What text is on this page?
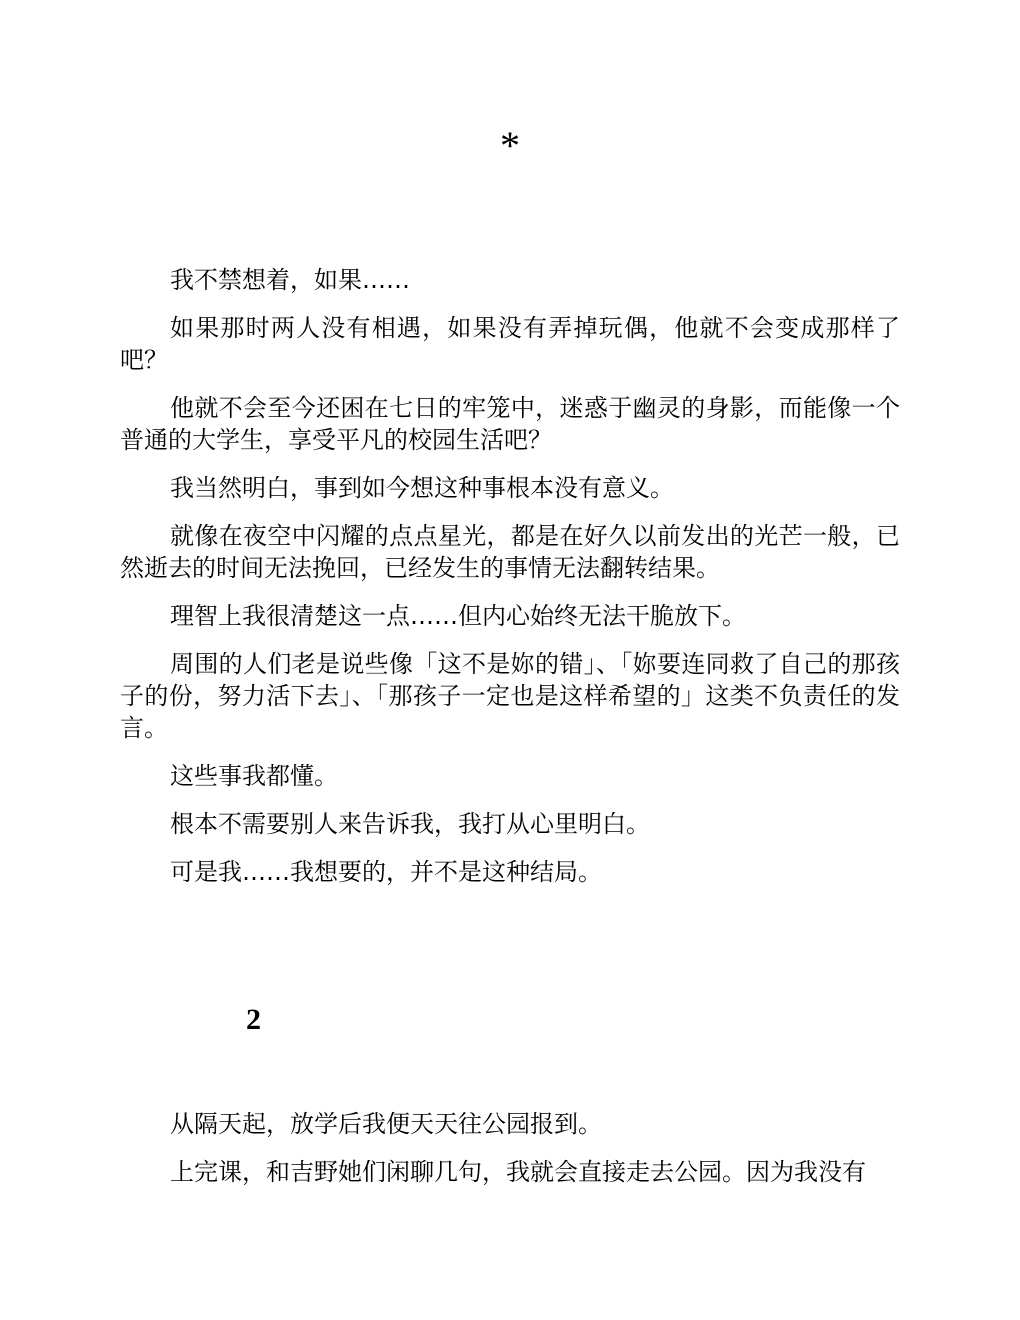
*

我不禁想着，如果……

如果那时两人没有相遇，如果没有弄掉玩偶，他就不会变成那样了吧？

他就不会至今还困在七日的牢笼中，迷惑于幽灵的身影，而能像一个普通的大学生，享受平凡的校园生活吧？

我当然明白，事到如今想这种事根本没有意义。

就像在夜空中闪耀的点点星光，都是在好久以前发出的光芒一般，已然逝去的时间无法挽回，已经发生的事情无法翻转结果。

理智上我很清楚这一点……但内心始终无法干脆放下。

周围的人们老是说些像「这不是妳的错」、「妳要连同救了自己的那孩子的份，努力活下去」、「那孩子一定也是这样希望的」这类不负责任的发言。

这些事我都懂。

根本不需要别人来告诉我，我打从心里明白。

可是我……我想要的，并不是这种结局。

2

从隔天起，放学后我便天天往公园报到。

上完课，和吉野她们闲聊几句，我就会直接走去公园。因为我没有
